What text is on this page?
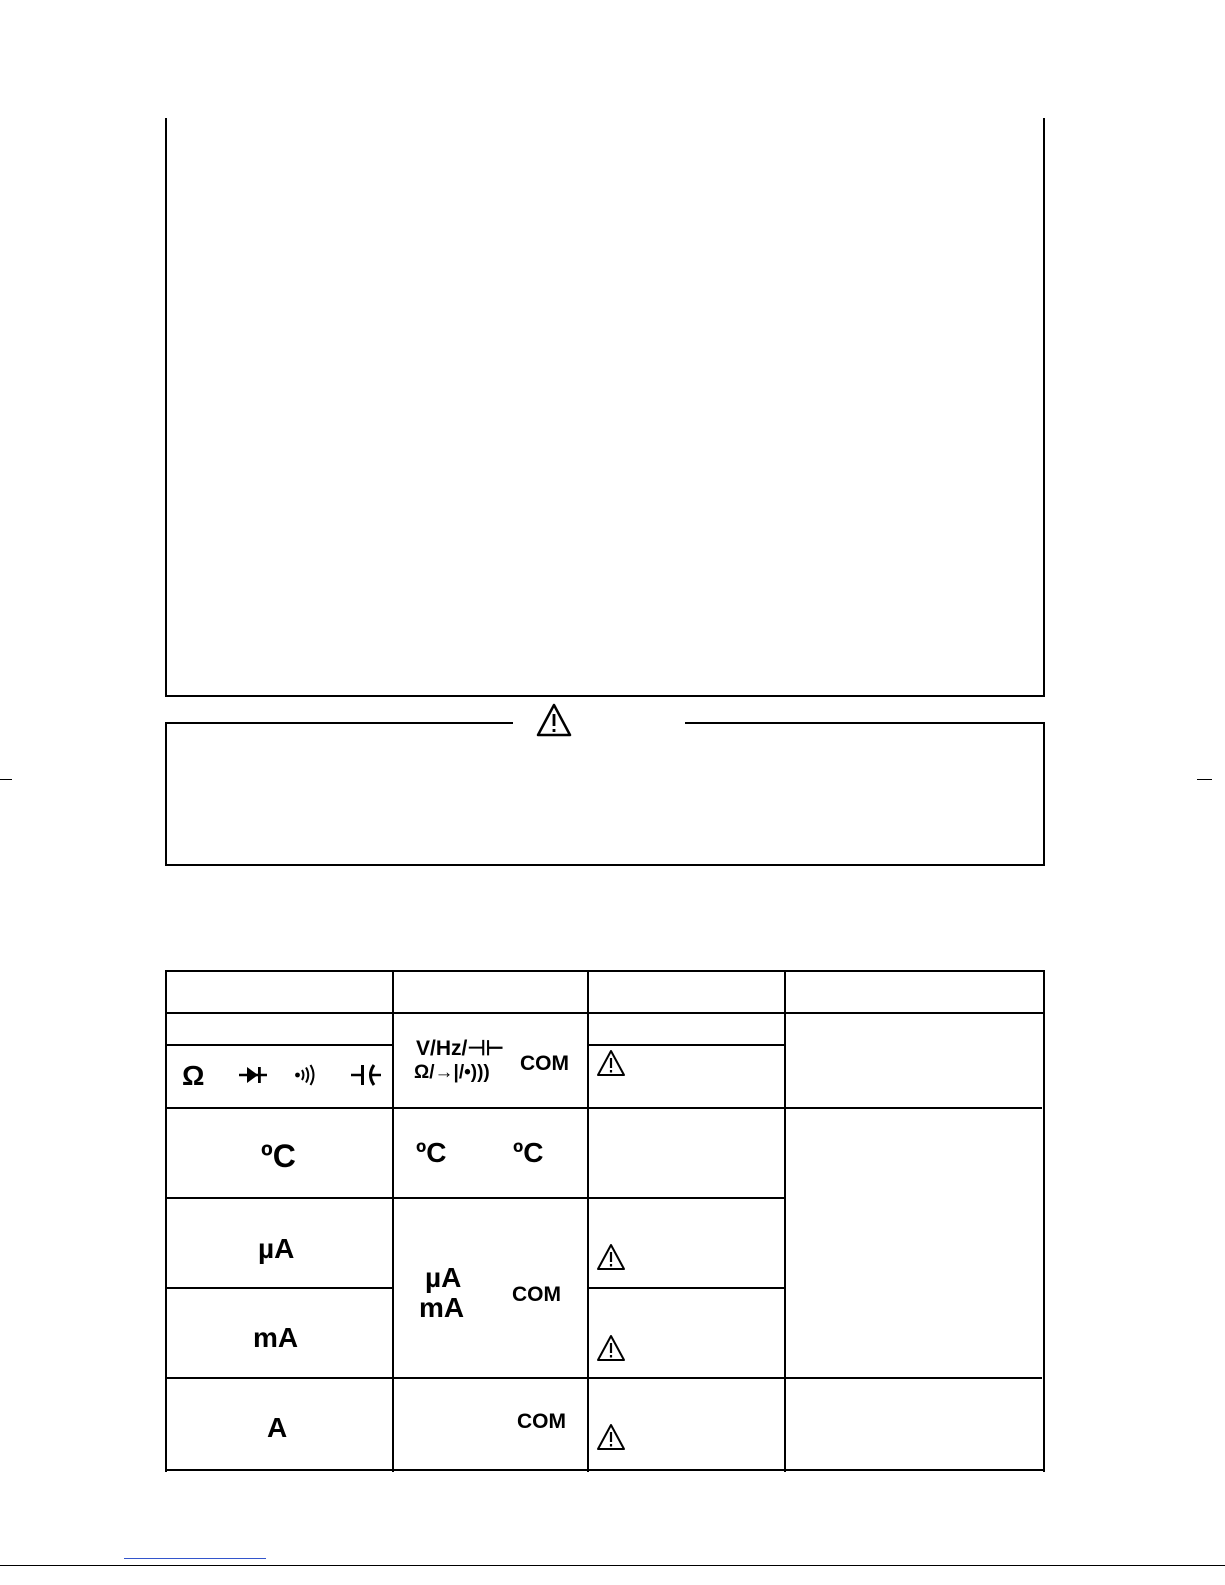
Ω
V/Hz/⊣⊢
Ω/→|/•))) COM
ºC	ºC ºC
µA
µA
mA COM
mA
A	COM
